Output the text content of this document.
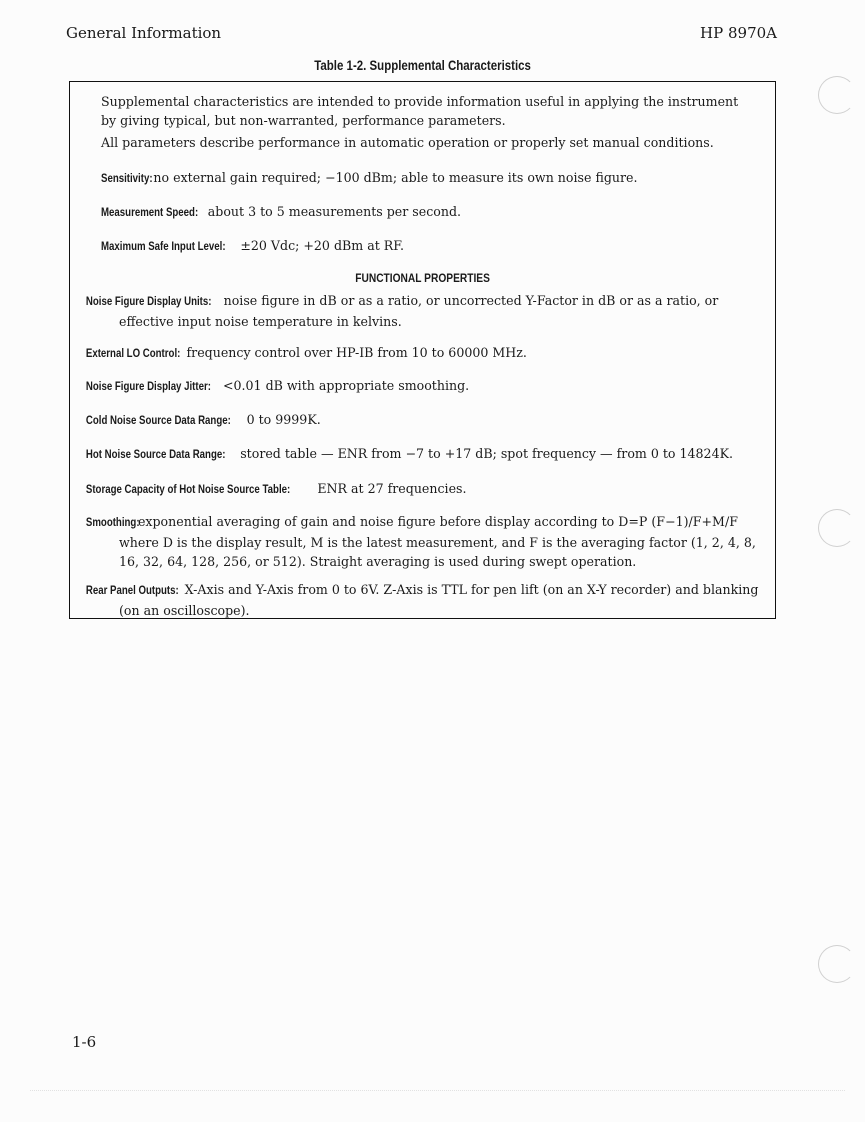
General Information	HP 8970A
Table 1-2. Supplemental Characteristics
Supplemental characteristics are intended to provide information useful in applying the instrument by giving typical, but non-warranted, performance parameters.
All parameters describe performance in automatic operation or properly set manual conditions.
Sensitivity: no external gain required; −100 dBm; able to measure its own noise figure.
Measurement Speed: about 3 to 5 measurements per second.
Maximum Safe Input Level: ±20 Vdc; +20 dBm at RF.
FUNCTIONAL PROPERTIES
Noise Figure Display Units: noise figure in dB or as a ratio, or uncorrected Y-Factor in dB or as a ratio, or effective input noise temperature in kelvins.
External LO Control: frequency control over HP-IB from 10 to 60000 MHz.
Noise Figure Display Jitter: <0.01 dB with appropriate smoothing.
Cold Noise Source Data Range: 0 to 9999K.
Hot Noise Source Data Range: stored table — ENR from −7 to +17 dB; spot frequency — from 0 to 14824K.
Storage Capacity of Hot Noise Source Table: ENR at 27 frequencies.
Smoothing: exponential averaging of gain and noise figure before display according to D=P (F−1)/F+M/F where D is the display result, M is the latest measurement, and F is the averaging factor (1, 2, 4, 8, 16, 32, 64, 128, 256, or 512). Straight averaging is used during swept operation.
Rear Panel Outputs: X-Axis and Y-Axis from 0 to 6V. Z-Axis is TTL for pen lift (on an X-Y recorder) and blanking (on an oscilloscope).
1-6
